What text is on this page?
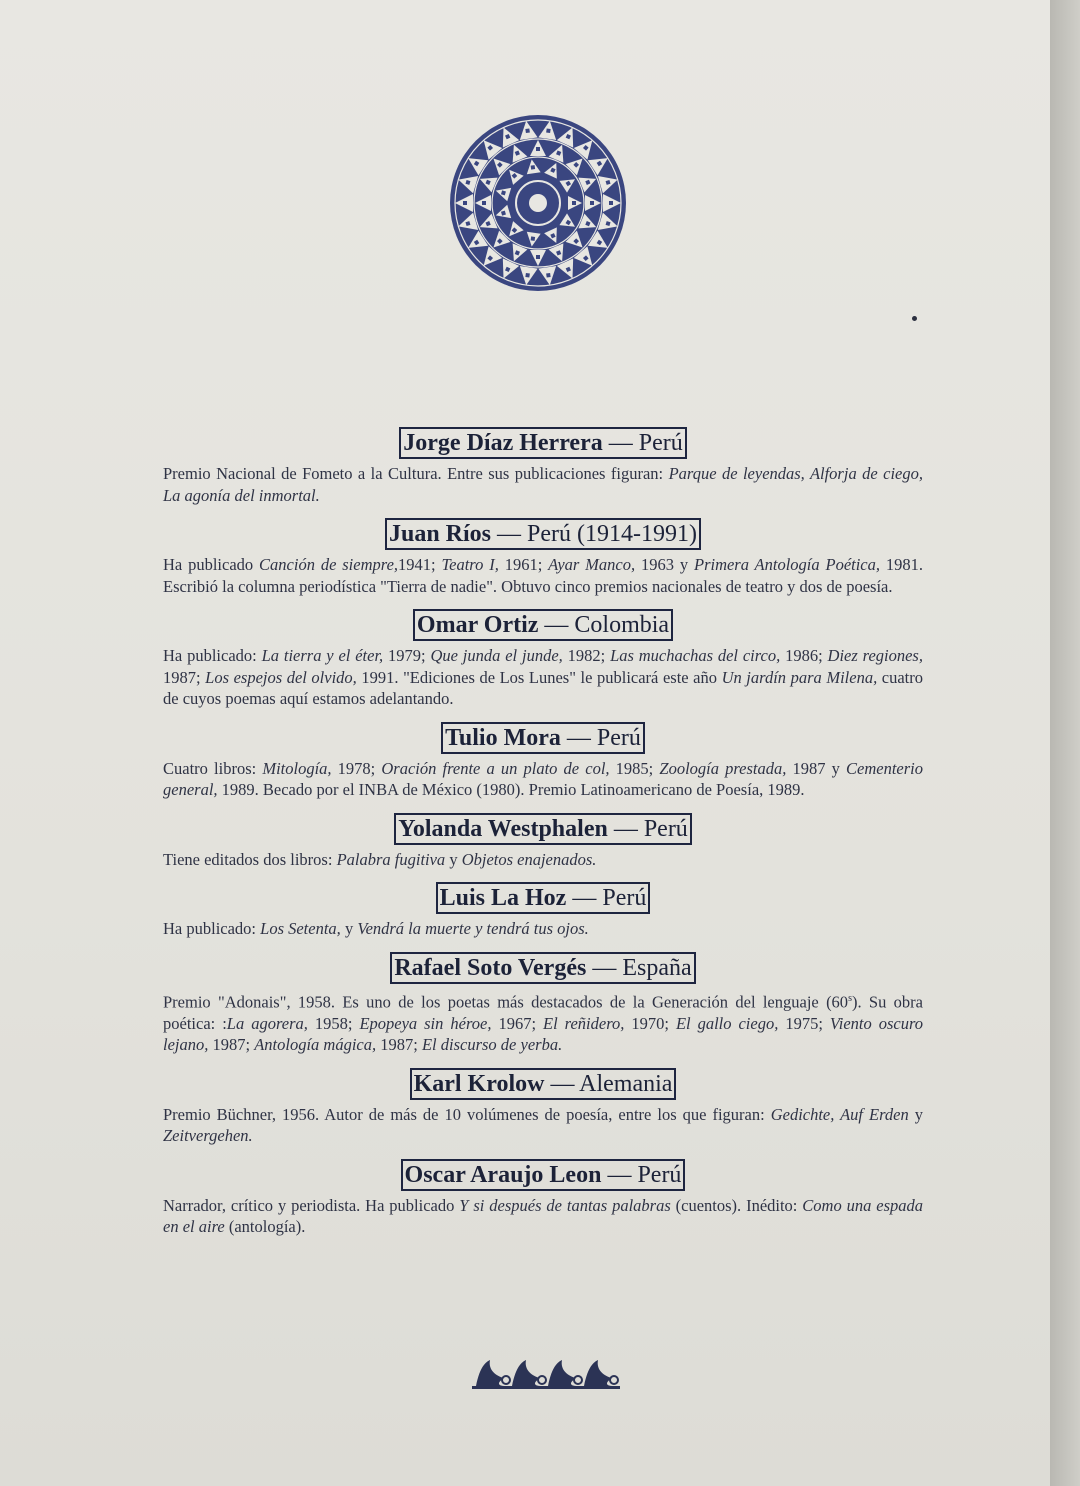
Jorge Díaz Herrera — Perú

Premio Nacional de Fometo a la Cultura. Entre sus publicaciones figuran: Parque de leyendas, Alforja de ciego, La agonía del inmortal.

Juan Ríos — Perú (1914-1991)

Ha publicado Canción de siempre,1941; Teatro I, 1961; Ayar Manco, 1963 y Primera Antología Poética, 1981. Escribió la columna periodística "Tierra de nadie". Obtuvo cinco premios nacionales de teatro y dos de poesía.

Omar Ortiz — Colombia

Ha publicado: La tierra y el éter, 1979; Que junda el junde, 1982; Las muchachas del circo, 1986; Diez regiones, 1987; Los espejos del olvido, 1991. "Ediciones de Los Lunes" le publicará este año Un jardín para Milena, cuatro de cuyos poemas aquí estamos adelantando.

Tulio Mora — Perú

Cuatro libros: Mitología, 1978; Oración frente a un plato de col, 1985; Zoología prestada, 1987 y Cementerio general, 1989. Becado por el INBA de México (1980). Premio Latinoamericano de Poesía, 1989.

Yolanda Westphalen — Perú

Tiene editados dos libros: Palabra fugitiva y Objetos enajenados.

Luis La Hoz — Perú

Ha publicado: Los Setenta, y Vendrá la muerte y tendrá tus ojos.

Rafael Soto Vergés — España

Premio "Adonais", 1958. Es uno de los poetas más destacados de la Generación del lenguaje (60$^s$). Su obra poética: :La agorera, 1958; Epopeya sin héroe, 1967; El reñidero, 1970; El gallo ciego, 1975; Viento oscuro lejano, 1987; Antología mágica, 1987; El discurso de yerba.

Karl Krolow — Alemania

Premio Büchner, 1956. Autor de más de 10 volúmenes de poesía, entre los que figuran: Gedichte, Auf Erden y Zeitvergehen.

Oscar Araujo Leon — Perú

Narrador, crítico y periodista. Ha publicado Y si después de tantas palabras (cuentos). Inédito: Como una espada en el aire (antología).
